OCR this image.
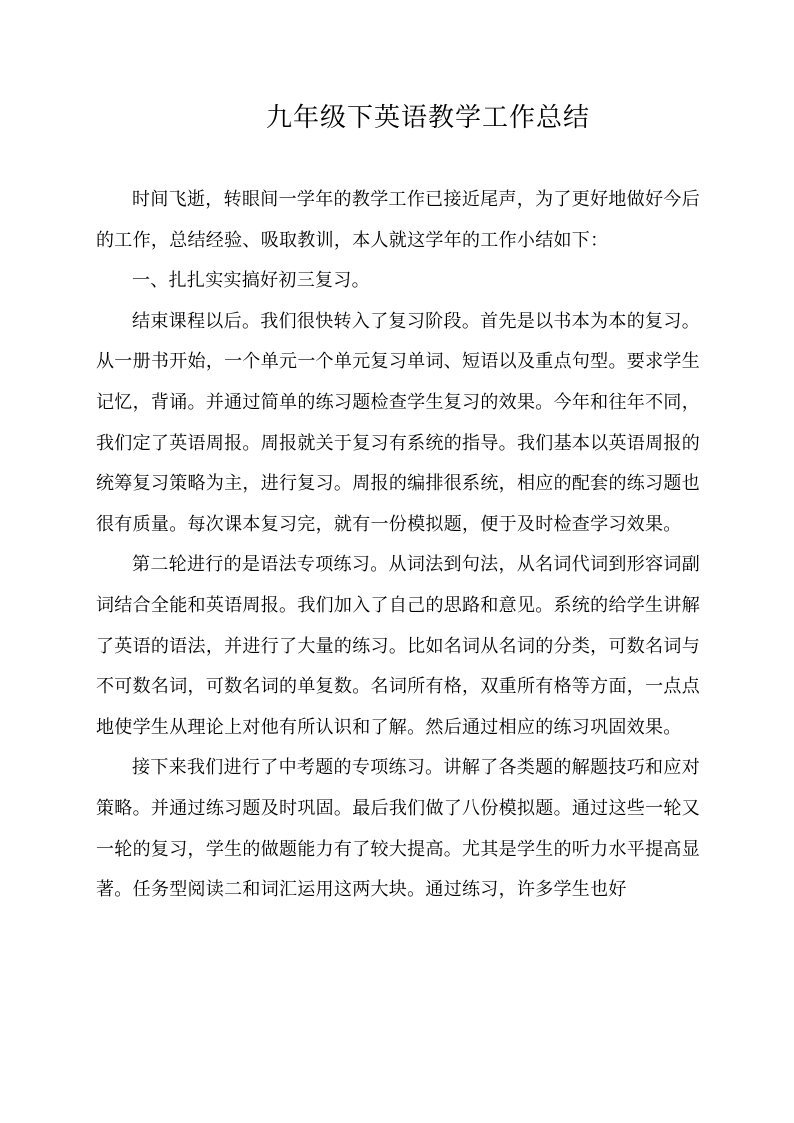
九年级下英语教学工作总结

时间飞逝，转眼间一学年的教学工作已接近尾声，为了更好地做好今后的工作，总结经验、吸取教训，本人就这学年的工作小结如下：

一、扎扎实实搞好初三复习。

结束课程以后。我们很快转入了复习阶段。首先是以书本为本的复习。从一册书开始，一个单元一个单元复习单词、短语以及重点句型。要求学生记忆，背诵。并通过简单的练习题检查学生复习的效果。今年和往年不同，我们定了英语周报。周报就关于复习有系统的指导。我们基本以英语周报的统筹复习策略为主，进行复习。周报的编排很系统，相应的配套的练习题也很有质量。每次课本复习完，就有一份模拟题，便于及时检查学习效果。

第二轮进行的是语法专项练习。从词法到句法，从名词代词到形容词副词结合全能和英语周报。我们加入了自己的思路和意见。系统的给学生讲解了英语的语法，并进行了大量的练习。比如名词从名词的分类，可数名词与不可数名词，可数名词的单复数。名词所有格，双重所有格等方面，一点点地使学生从理论上对他有所认识和了解。然后通过相应的练习巩固效果。

接下来我们进行了中考题的专项练习。讲解了各类题的解题技巧和应对策略。并通过练习题及时巩固。最后我们做了八份模拟题。通过这些一轮又一轮的复习，学生的做题能力有了较大提高。尤其是学生的听力水平提高显著。任务型阅读二和词汇运用这两大块。通过练习，许多学生也好
